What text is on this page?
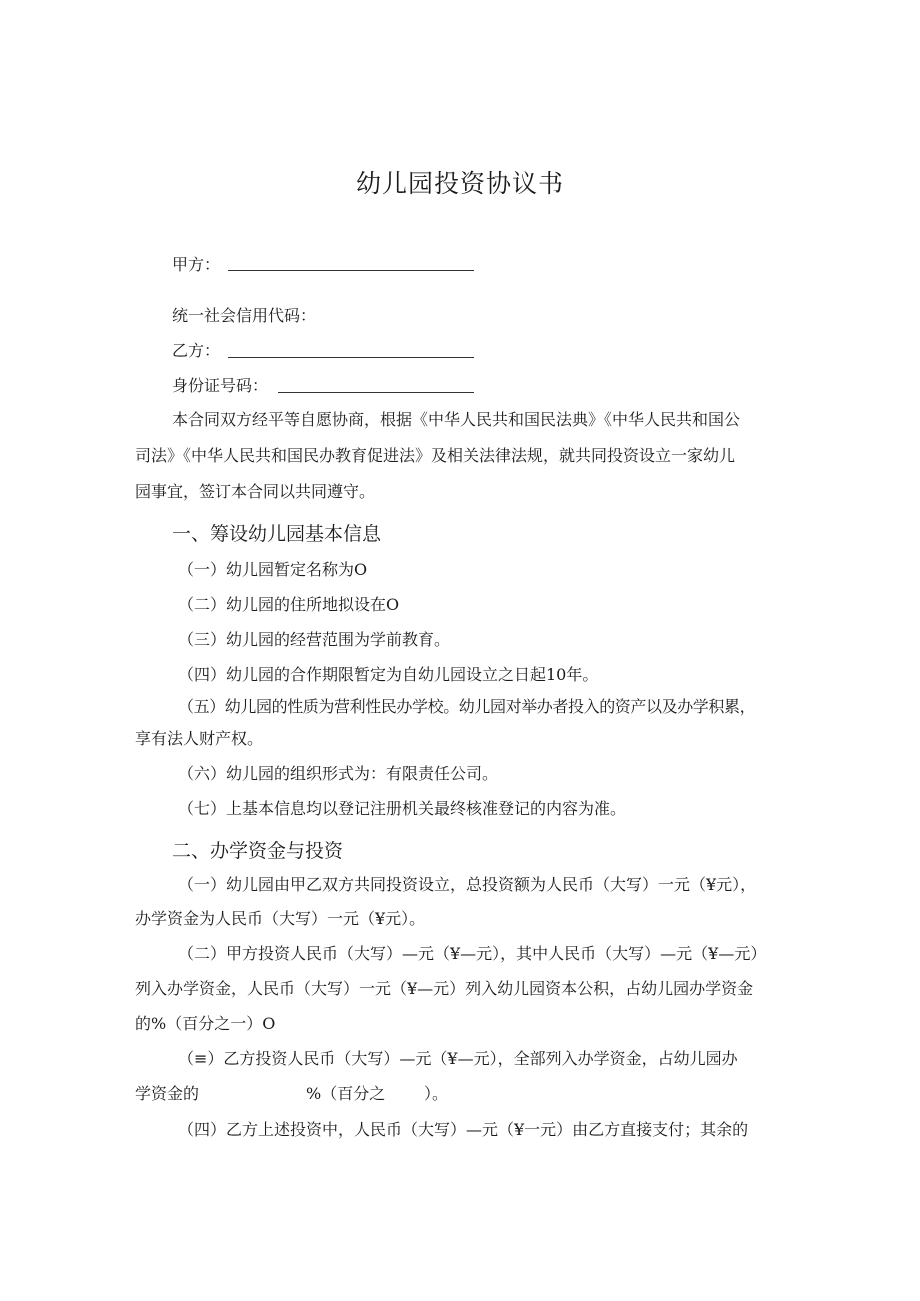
幼儿园投资协议书
甲方：
统一社会信用代码：
乙方：
身份证号码：
本合同双方经平等自愿协商，根据《中华人民共和国民法典》《中华人民共和国公
司法》《中华人民共和国民办教育促进法》及相关法律法规，就共同投资设立一家幼儿
园事宜，签订本合同以共同遵守。
一、筹设幼儿园基本信息
（一）幼儿园暂定名称为O
（二）幼儿园的住所地拟设在O
（三）幼儿园的经营范围为学前教育。
（四）幼儿园的合作期限暂定为自幼儿园设立之日起10年。
（五）幼儿园的性质为营利性民办学校。幼儿园对举办者投入的资产以及办学积累，
享有法人财产权。
（六）幼儿园的组织形式为：有限责任公司。
（七）上基本信息均以登记注册机关最终核准登记的内容为准。
二、办学资金与投资
（一）幼儿园由甲乙双方共同投资设立，总投资额为人民币（大写）一元（¥元），
办学资金为人民币（大写）一元（¥元）。
（二）甲方投资人民币（大写）—元（¥—元），其中人民币（大写）—元（¥—元）
列入办学资金，人民币（大写）一元（¥—元）列入幼儿园资本公积，占幼儿园办学资金
的%（百分之一）O
（≡）乙方投资人民币（大写）—元（¥—元），全部列入办学资金，占幼儿园办
学资金的	%（百分之 ）。
（四）乙方上述投资中，人民币（大写）—元（¥一元）由乙方直接支付；其余的
